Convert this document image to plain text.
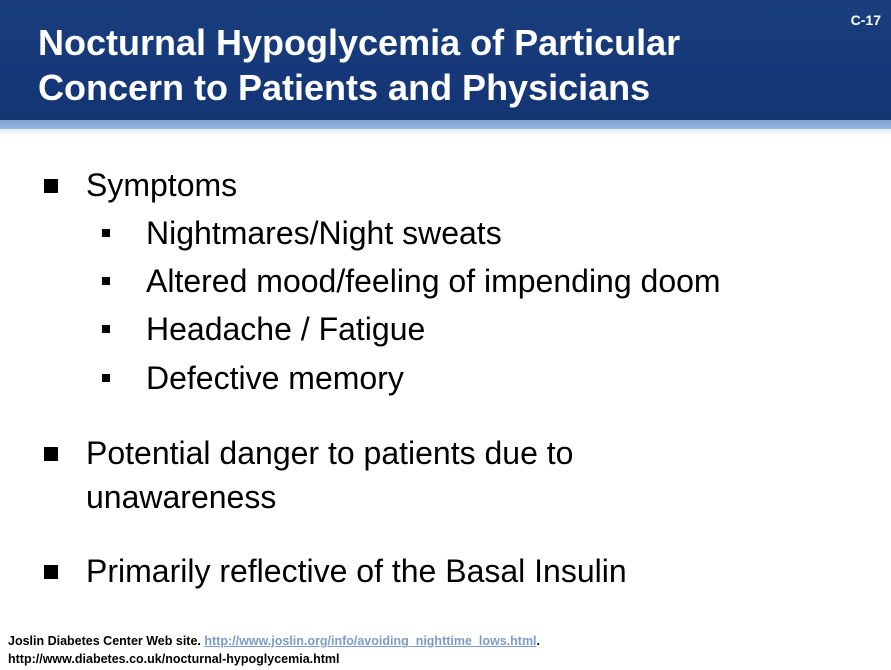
C-17
Nocturnal Hypoglycemia of Particular
Concern to Patients and Physicians
Symptoms
Nightmares/Night sweats
Altered mood/feeling of impending doom
Headache / Fatigue
Defective memory
Potential danger to patients due to
unawareness
Primarily reflective of the Basal Insulin
Joslin Diabetes Center Web site. http://www.joslin.org/info/avoiding_nighttime_lows.html.
http://www.diabetes.co.uk/nocturnal-hypoglycemia.html
